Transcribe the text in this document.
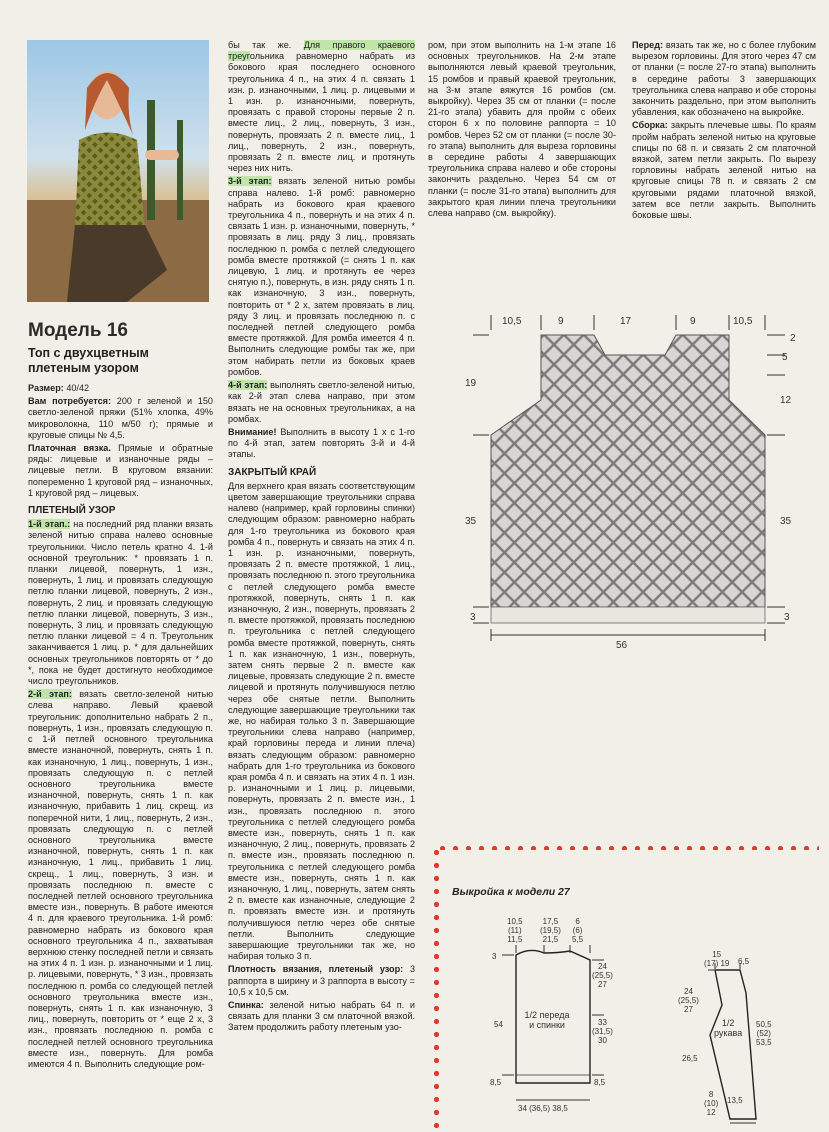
Модель 16
Топ с двухцветным плетеным узором

Размер: 40/42

Вам потребуется: 200 г зеленой и 150 светло-зеленой пряжи (51% хлопка, 49% микроволокна, 110 м/50 г); прямые и круговые спицы № 4,5.

Платочная вязка. Прямые и обратные ряды: лицевые и изнаночные ряды – лицевые петли. В круговом вязании: попеременно 1 круговой ряд – изнаночных, 1 круговой ряд – лицевых.

ПЛЕТЕНЫЙ УЗОР

1-й этап.: на последний ряд планки вязать зеленой нитью справа налево основные треугольники. Число петель кратно 4. 1-й основной треугольник: * провязать 1 п. планки лицевой, повернуть, 1 изн., повернуть, 1 лиц. и провязать следующую петлю планки лицевой, повернуть, 2 изн., повернуть, 2 лиц. и провязать следующую петлю планки лицевой, повернуть, 3 изн., повернуть, 3 лиц. и провязать следующую петлю планки лицевой = 4 п. Треугольник заканчивается 1 лиц. р. * для дальнейших основных треугольников повторять от * до *, пока не будет достигнуто необходимое число треугольников.

2-й этап: вязать светло-зеленой нитью слева направо. Левый краевой треугольник: дополнительно набрать 2 п., повернуть, 1 изн., провязать следующую п. с 1-й петлей основного треугольника вместе изнаночной, повернуть, снять 1 п. как изнаночную, 1 лиц., повернуть, 1 изн., провязать следующую п. с петлей основного треугольника вместе изнаночной, повернуть, снять 1 п. как изнаночную, прибавить 1 лиц. скрещ. из поперечной нити, 1 лиц., повернуть, 2 изн., провязать следующую п. с петлей основного треугольника вместе изнаночной, повернуть, снять 1 п. как изнаночную, 1 лиц., прибавить 1 лиц. скрещ., 1 лиц., повернуть, 3 изн. и провязать последнюю п. вместе с последней петлей основного треугольника вместе изн., повернуть. В работе имеются 4 п. для краевого треугольника. 1-й ромб: равномерно набрать из бокового края основного треугольника 4 п., захватывая верхнюю стенку последней петли и связать на этих 4 п. 1 изн. р. изнаночными и 1 лиц. р. лицевыми, повернуть, * 3 изн., провязать последнюю п. ромба со следующей петлей основного треугольника вместе изн., повернуть, снять 1 п. как изнаночную, 3 лиц., повернуть, повторить от * еще 2 х, 3 изн., провязать последнюю п. ромба с последней петлей основного треугольника вместе изн., повернуть. Для ромба имеются 4 п. Выполнить следующие ром-

бы так же. Для правого краевого треугольника равномерно набрать из бокового края последнего основного треугольника 4 п., на этих 4 п. связать 1 изн. р. изнаночными, 1 лиц. р. лицевыми и 1 изн. р. изнаночными, повернуть, провязать с правой стороны первые 2 п. вместе лиц., 2 лиц., повернуть, 3 изн., повернуть, провязать 2 п. вместе лиц., 1 лиц., повернуть, 2 изн., повернуть, провязать 2 п. вместе лиц. и протянуть через них нить.

3-й этап: вязать зеленой нитью ромбы справа налево. 1-й ромб: равномерно набрать из бокового края краевого треугольника 4 п., повернуть и на этих 4 п. связать 1 изн. р. изнаночными, повернуть, * провязать в лиц. ряду 3 лиц., провязать последнюю п. ромба с петлей следующего ромба вместе протяжкой (= снять 1 п. как лицевую, 1 лиц. и протянуть ее через снятую п.), повернуть, в изн. ряду снять 1 п. как изнаночную, 3 изн., повернуть, повторить от * 2 х, затем провязать в лиц. ряду 3 лиц. и провязать последнюю п. с последней петлей следующего ромба вместе протяжкой. Для ромба имеется 4 п. Выполнить следующие ромбы так же, при этом набирать петли из боковых краев ромбов.

4-й этап: выполнять светло-зеленой нитью, как 2-й этап слева направо, при этом вязать не на основных треугольниках, а на ромбах.

Внимание! Выполнить в высоту 1 х с 1-го по 4-й этап, затем повторять 3-й и 4-й этапы.

ЗАКРЫТЫЙ КРАЙ

Для верхнего края вязать соответствующим цветом завершающие треугольники справа налево (например, край горловины спинки) следующим образом: равномерно набрать для 1-го треугольника из бокового края ромба 4 п., повернуть и связать на этих 4 п. 1 изн. р. изнаночными, повернуть, провязать 2 п. вместе протяжкой, 1 лиц., провязать последнюю п. этого треугольника с петлей следующего ромба вместе протяжкой, повернуть, снять 1 п. как изнаночную, 2 изн., повернуть, провязать 2 п. вместе протяжкой, провязать последнюю п. треугольника с петлей следующего ромба вместе протяжкой, повернуть, снять 1 п. как изнаночную, 1 изн., повернуть, затем снять первые 2 п. вместе как лицевые, провязать следующие 2 п. вместе лицевой и протянуть получившуюся петлю через обе снятые петли. Выполнить следующие завершающие треугольники так же, но набирая только 3 п. Завершающие треугольники слева направо (например, край горловины переда и линии плеча) вязать следующим образом: равномерно набрать для 1-го треугольника из бокового края ромба 4 п. и связать на этих 4 п. 1 изн. р. изнаночными и 1 лиц. р. лицевыми, повернуть, провязать 2 п. вместе изн., 1 изн., провязать последнюю п. этого треугольника с петлей следующего ромба вместе изн., повернуть, снять 1 п. как изнаночную, 2 лиц., повернуть, провязать 2 п. вместе изн., провязать последнюю п. треугольника с петлей следующего ромба вместе изн., повернуть, снять 1 п. как изнаночную, 1 лиц., повернуть, затем снять 2 п. вместе как изнаночные, следующие 2 п. провязать вместе изн. и протянуть получившуюся петлю через обе снятые петли. Выполнить следующие завершающие треугольники так же, но набирая только 3 п.

Плотность вязания, плетеный узор: 3 раппорта в ширину и 3 раппорта в высоту = 10,5 х 10,5 см.

Спинка: зеленой нитью набрать 64 п. и связать для планки 3 см платочной вязкой. Затем продолжить работу плетеным узо-

ром, при этом выполнить на 1-м этапе 16 основных треугольников. На 2-м этапе выполняются левый краевой треугольник, 15 ромбов и правый краевой треугольник, на 3-м этапе вяжутся 16 ромбов (см. выкройку). Через 35 см от планки (= после 21-го этапа) убавить для пройм с обеих сторон 6 х по половине раппорта = 10 ромбов. Через 52 см от планки (= после 30-го этапа) выполнить для выреза горловины в середине работы 4 завершающих треугольника справа налево и обе стороны закончить раздельно. Через 54 см от планки (= после 31-го этапа) выполнить для закрытого края линии плеча треугольники слева направо (см. выкройку).

Перед: вязать так же, но с более глубоким вырезом горловины. Для этого через 47 см от планки (= после 27-го этапа) выполнить в середине работы 3 завершающих треугольника слева направо и обе стороны закончить раздельно, при этом выполнить убавления, как обозначено на выкройке.

Сборка: закрыть плечевые швы. По краям пройм набрать зеленой нитью на круговые спицы по 68 п. и связать 2 см платочной вязкой, затем петли закрыть. По вырезу горловины набрать зеленой нитью на круговые спицы 78 п. и связать 2 см круговыми рядами платочной вязкой, затем все петли закрыть. Выполнить боковые швы.

10,5	9	17	9	10,5
2
5
12
35
3
19
35
3
56
Выкройка к модели 27
10,5
(11)
11,5
17,5
(19,5)
21,5
6
(6)
5,5
3
54
8,5
24
(25,5)
27
33
(31,5)
30
8,5
1/2 переда
и спинки
34 (36,5) 38,5
15
(17) 19 6,5
24
(25,5)
27
1/2
рукава
26,5
50,5
(52)
53,5
8
(10)
12
13,5
